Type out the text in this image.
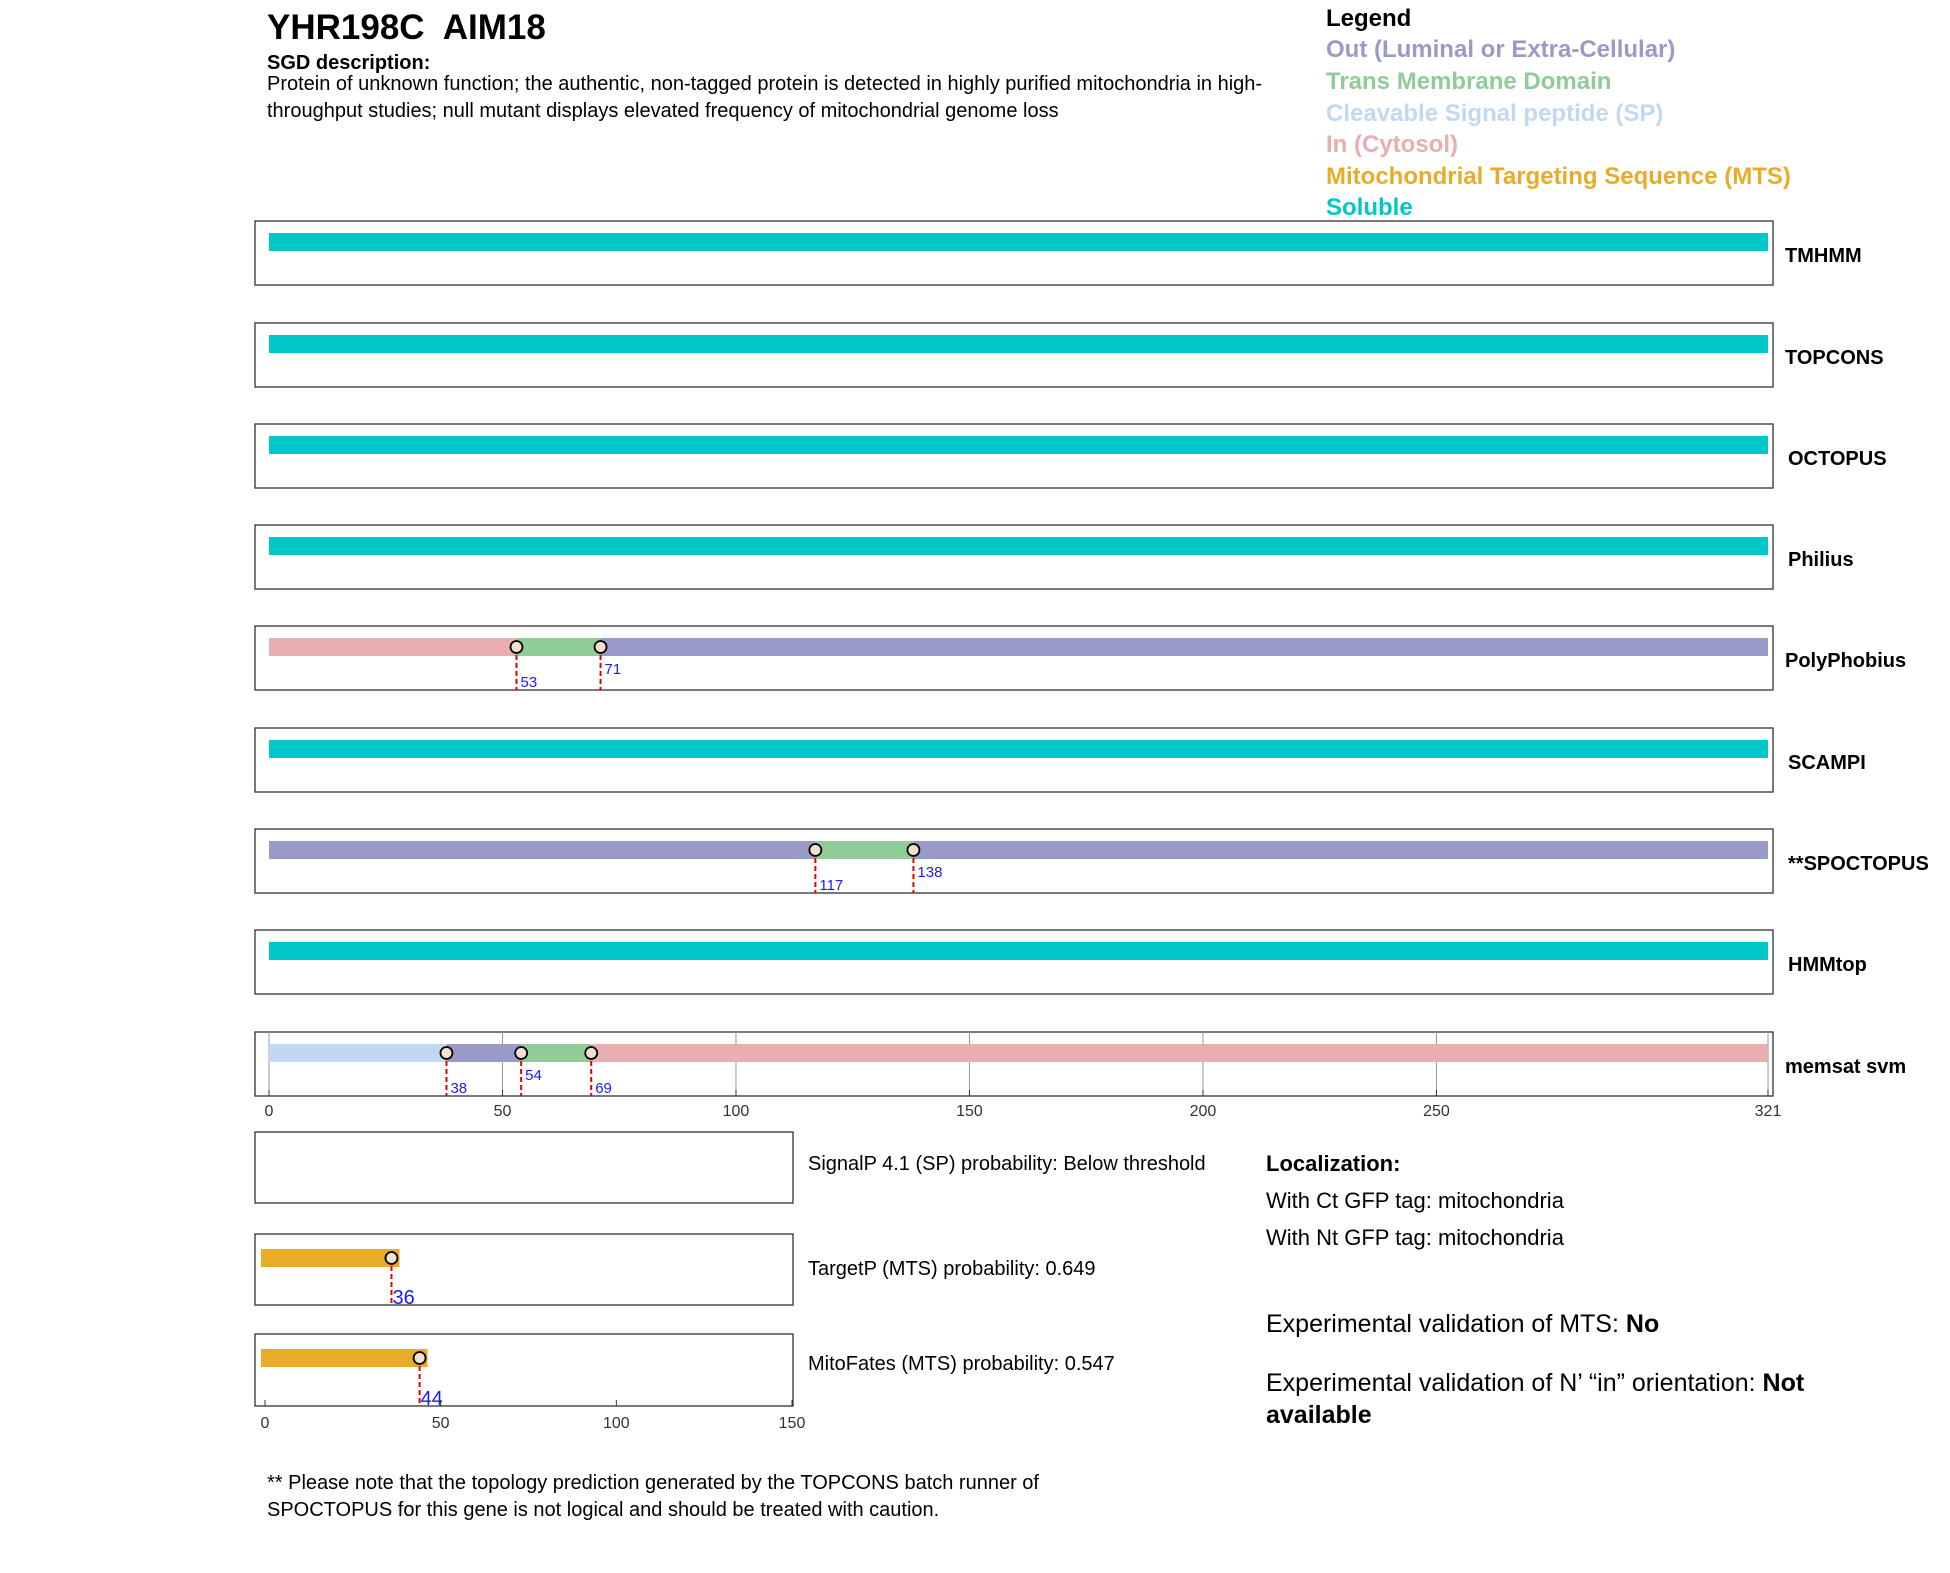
YHR198C  AIM18
SGD description:
Protein of unknown function; the authentic, non-tagged protein is detected in highly purified mitochondria in high-throughput studies; null mutant displays elevated frequency of mitochondrial genome loss
Legend
Out (Luminal or Extra-Cellular)
Trans Membrane Domain
Cleavable Signal peptide (SP)
In (Cytosol)
Mitochondrial Targeting Sequence (MTS)
Soluble
TMHMM
TOPCONS
OCTOPUS
Philius
53
71	PolyPhobius
SCAMPI
117
138	**SPOCTOPUS
HMMtop
38
54
69
memsat svm
0	50	100	150	200	250	321
36
44
0	50	100	150
SignalP 4.1 (SP) probability: Below threshold
TargetP (MTS) probability: 0.649
MitoFates (MTS) probability: 0.547
Localization:
With Ct GFP tag: mitochondria
With Nt GFP tag: mitochondria
Experimental validation of MTS: No
Experimental validation of N’ “in” orientation: Not available
** Please note that the topology prediction generated by the TOPCONS batch runner of SPOCTOPUS for this gene is not logical and should be treated with caution.
